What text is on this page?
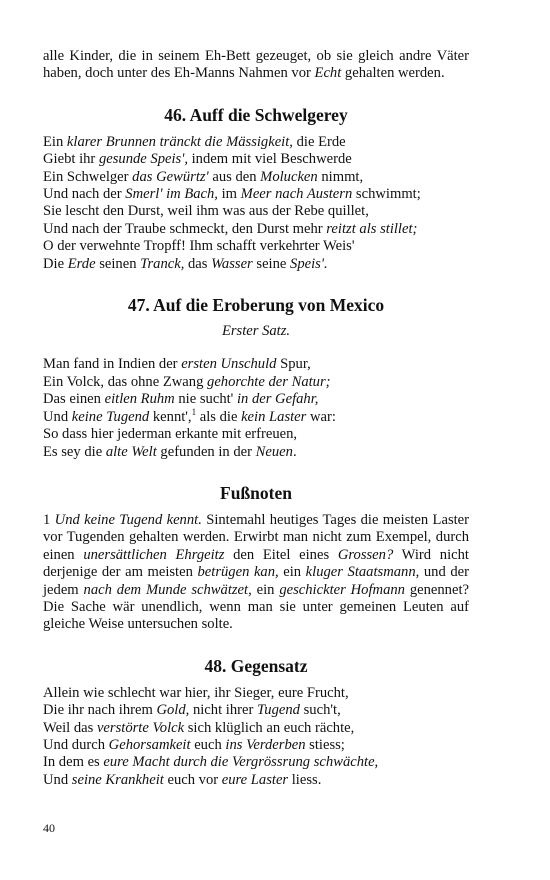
alle Kinder, die in seinem Eh-Bett gezeuget, ob sie gleich andre Väter haben, doch unter des Eh-Manns Nahmen vor Echt gehalten werden.

46. Auff die Schwelgerey
Ein klarer Brunnen tränckt die Mässigkeit, die Erde
Giebt ihr gesunde Speis', indem mit viel Beschwerde
Ein Schwelger das Gewürtz' aus den Molucken nimmt,
Und nach der Smerl' im Bach, im Meer nach Austern schwimmt;
Sie lescht den Durst, weil ihm was aus der Rebe quillet,
Und nach der Traube schmeckt, den Durst mehr reitzt als stillet;
O der verwehnte Tropff! Ihm schafft verkehrter Weis'
Die Erde seinen Tranck, das Wasser seine Speis'.
47. Auf die Eroberung von Mexico
Erster Satz.
Man fand in Indien der ersten Unschuld Spur,
Ein Volck, das ohne Zwang gehorchte der Natur;
Das einen eitlen Ruhm nie sucht' in der Gefahr,
Und keine Tugend kennt',$^1$ als die kein Laster war:
So dass hier jederman erkante mit erfreuen,
Es sey die alte Welt gefunden in der Neuen.
Fußnoten

1 Und keine Tugend kennt. Sintemahl heutiges Tages die meisten Laster vor Tugenden gehalten werden. Erwirbt man nicht zum Exempel, durch einen unersättlichen Ehrgeitz den Eitel eines Grossen? Wird nicht derjenige der am meisten betrügen kan, ein kluger Staatsmann, und der jedem nach dem Munde schwätzet, ein geschickter Hofmann genennet? Die Sache wär unendlich, wenn man sie unter gemeinen Leuten auf gleiche Weise untersuchen solte.

48. Gegensatz
Allein wie schlecht war hier, ihr Sieger, eure Frucht,
Die ihr nach ihrem Gold, nicht ihrer Tugend such't,
Weil das verstörte Volck sich klüglich an euch rächte,
Und durch Gehorsamkeit euch ins Verderben stiess;
In dem es eure Macht durch die Vergrössrung schwächte,
Und seine Krankheit euch vor eure Laster liess.
40
